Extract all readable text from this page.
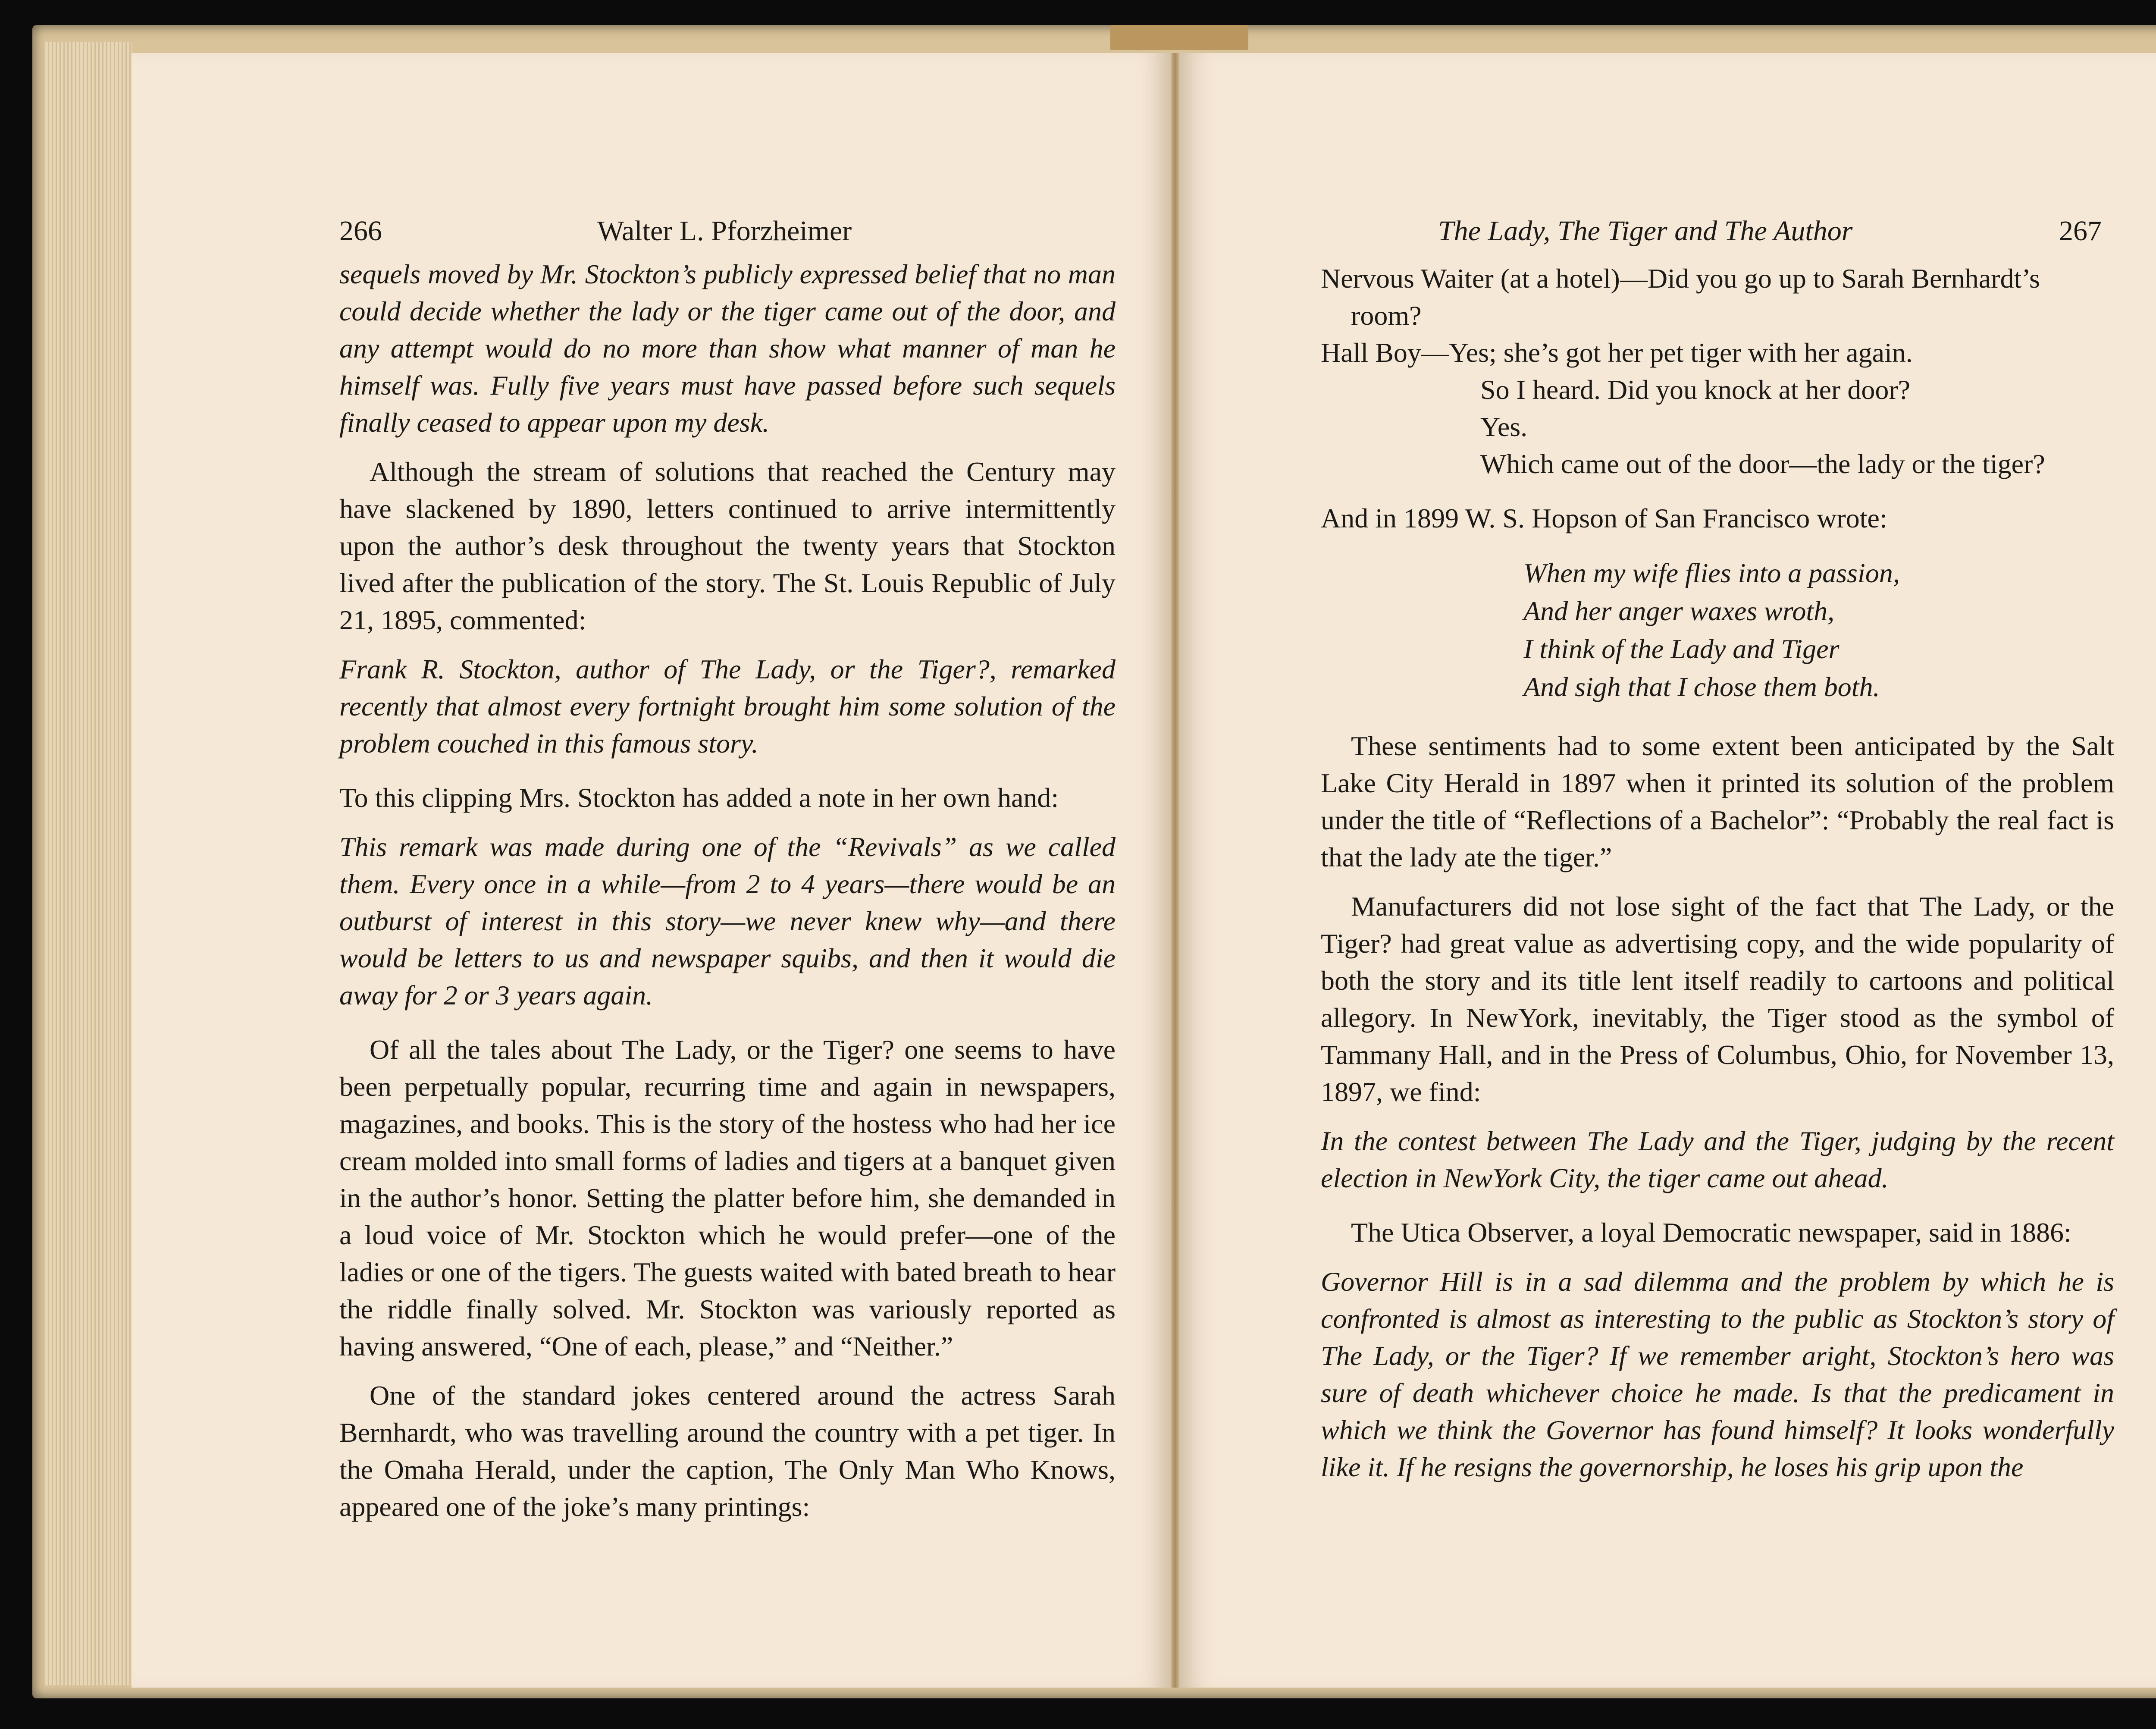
266	Walter L. Pforzheimer

sequels moved by Mr. Stockton’s publicly expressed belief that no man could decide whether the lady or the tiger came out of the door, and any attempt would do no more than show what manner of man he himself was. Fully five years must have passed before such sequels finally ceased to appear upon my desk.

Although the stream of solutions that reached the Century may have slackened by 1890, letters continued to arrive intermittently upon the author’s desk throughout the twenty years that Stockton lived after the publication of the story. The St. Louis Republic of July 21, 1895, commented:

Frank R. Stockton, author of The Lady, or the Tiger?, remarked recently that almost every fortnight brought him some solution of the problem couched in this famous story.

To this clipping Mrs. Stockton has added a note in her own hand:

This remark was made during one of the “Revivals” as we called them. Every once in a while—from 2 to 4 years—there would be an outburst of interest in this story—we never knew why—and there would be letters to us and newspaper squibs, and then it would die away for 2 or 3 years again.

Of all the tales about The Lady, or the Tiger? one seems to have been perpetually popular, recurring time and again in newspapers, magazines, and books. This is the story of the hostess who had her ice cream molded into small forms of ladies and tigers at a banquet given in the author’s honor. Setting the platter before him, she demanded in a loud voice of Mr. Stockton which he would prefer—one of the ladies or one of the tigers. The guests waited with bated breath to hear the riddle finally solved. Mr. Stockton was variously reported as having answered, “One of each, please,” and “Neither.”

One of the standard jokes centered around the actress Sarah Bernhardt, who was travelling around the country with a pet tiger. In the Omaha Herald, under the caption, The Only Man Who Knows, appeared one of the joke’s many printings:

The Lady, The Tiger and The Author	267

Nervous Waiter (at a hotel)—Did you go up to Sarah Bernhardt’s

room?

Hall Boy—Yes; she’s got her pet tiger with her again.

So I heard. Did you knock at her door?

Yes.

Which came out of the door—the lady or the tiger?

And in 1899 W. S. Hopson of San Francisco wrote:

When my wife flies into a passion,
And her anger waxes wroth,
I think of the Lady and Tiger
And sigh that I chose them both.

These sentiments had to some extent been anticipated by the Salt Lake City Herald in 1897 when it printed its solution of the problem under the title of “Reflections of a Bachelor”: “Probably the real fact is that the lady ate the tiger.”

Manufacturers did not lose sight of the fact that The Lady, or the Tiger? had great value as advertising copy, and the wide popularity of both the story and its title lent itself readily to cartoons and political allegory. In NewYork, inevitably, the Tiger stood as the symbol of Tammany Hall, and in the Press of Columbus, Ohio, for November 13, 1897, we find:

In the contest between The Lady and the Tiger, judging by the recent election in NewYork City, the tiger came out ahead.

The Utica Observer, a loyal Democratic newspaper, said in 1886:

Governor Hill is in a sad dilemma and the problem by which he is confronted is almost as interesting to the public as Stockton’s story of The Lady, or the Tiger? If we remember aright, Stockton’s hero was sure of death whichever choice he made. Is that the predicament in which we think the Governor has found himself? It looks wonderfully like it. If he resigns the governorship, he loses his grip upon the
